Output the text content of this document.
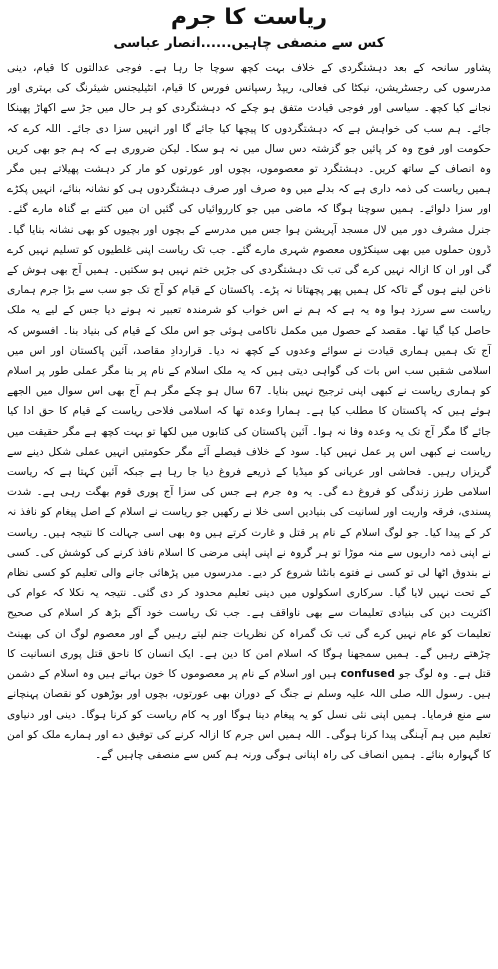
ریاست کا جرم
کس سے منصفی چاہیں......انصار عباسی

پشاور سانحہ کے بعد دہشتگردی کے خلاف بہت کچھ سوچا جا رہا ہے۔ فوجی عدالتوں کا قیام، دینی مدرسوں کی رجسٹریشن، نیکٹا کی فعالی، ریپڈ رسپانس فورس کا قیام، انٹیلیجنس شیئرنگ کی بہتری اور نجانے کیا کچھ۔ سیاسی اور فوجی قیادت متفق ہو چکے کہ دہشتگردی کو ہر حال میں جڑ سے اکھاڑ پھینکا جائے۔ ہم سب کی خواہش ہے کہ دہشتگردوں کا پیچھا کیا جائے گا اور انہیں سزا دی جائے۔ اللہ کرے کہ حکومت اور فوج وہ کر پائیں جو گزشتہ دس سال میں نہ ہو سکا۔ لیکن ضروری ہے کہ ہم جو بھی کریں وہ انصاف کے ساتھ کریں۔ دہشتگرد تو معصوموں، بچوں اور عورتوں کو مار کر دہشت پھیلاتے ہیں مگر ہمیں ریاست کی ذمہ داری ہے کہ بدلے میں وہ صرف اور صرف دہشتگردوں ہی کو نشانہ بنائے، انہیں پکڑے اور سزا دلوائے۔ ہمیں سوچنا ہوگا کہ ماضی میں جو کارروائیاں کی گئیں ان میں کتنے بے گناہ مارے گئے۔ جنرل مشرف دور میں لال مسجد آپریشن ہوا جس میں مدرسے کے بچوں اور بچیوں کو بھی نشانہ بنایا گیا۔ ڈرون حملوں میں بھی سینکڑوں معصوم شہری مارے گئے۔ جب تک ریاست اپنی غلطیوں کو تسلیم نہیں کرے گی اور ان کا ازالہ نہیں کرے گی تب تک دہشتگردی کی جڑیں ختم نہیں ہو سکتیں۔ ہمیں آج بھی ہوش کے ناخن لینے ہوں گے تاکہ کل ہمیں پھر پچھتانا نہ پڑے۔ پاکستان کے قیام کو آج تک جو سب سے بڑا جرم ہماری ریاست سے سرزد ہوا وہ یہ ہے کہ ہم نے اس خواب کو شرمندہ تعبیر نہ ہونے دیا جس کے لیے یہ ملک حاصل کیا گیا تھا۔ مقصد کے حصول میں مکمل ناکامی ہوئی جو اس ملک کے قیام کی بنیاد بنا۔ افسوس کہ آج تک ہمیں ہماری قیادت نے سوائے وعدوں کے کچھ نہ دیا۔ قراردادِ مقاصد، آئین پاکستان اور اس میں اسلامی شقیں سب اس بات کی گواہی دیتی ہیں کہ یہ ملک اسلام کے نام پر بنا مگر عملی طور پر اسلام کو ہماری ریاست نے کبھی اپنی ترجیح نہیں بنایا۔ 67 سال ہو چکے مگر ہم آج بھی اس سوال میں الجھے ہوئے ہیں کہ پاکستان کا مطلب کیا ہے۔ ہمارا وعدہ تھا کہ اسلامی فلاحی ریاست کے قیام کا حق ادا کیا جائے گا مگر آج تک یہ وعدہ وفا نہ ہوا۔ آئین پاکستان کی کتابوں میں لکھا تو بہت کچھ ہے مگر حقیقت میں ریاست نے کبھی اس پر عمل نہیں کیا۔ سود کے خلاف فیصلے آئے مگر حکومتیں انہیں عملی شکل دینے سے گریزاں رہیں۔ فحاشی اور عریانی کو میڈیا کے ذریعے فروغ دیا جا رہا ہے جبکہ آئین کہتا ہے کہ ریاست اسلامی طرز زندگی کو فروغ دے گی۔ یہ وہ جرم ہے جس کی سزا آج پوری قوم بھگت رہی ہے۔ شدت پسندی، فرقہ واریت اور لسانیت کی بنیادیں اسی خلا نے رکھیں جو ریاست نے اسلام کے اصل پیغام کو نافذ نہ کر کے پیدا کیا۔ جو لوگ اسلام کے نام پر قتل و غارت کرتے ہیں وہ بھی اسی جہالت کا نتیجہ ہیں۔ ریاست نے اپنی ذمہ داریوں سے منہ موڑا تو ہر گروہ نے اپنی اپنی مرضی کا اسلام نافذ کرنے کی کوشش کی۔ کسی نے بندوق اٹھا لی تو کسی نے فتوے بانٹنا شروع کر دیے۔ مدرسوں میں پڑھائی جانے والی تعلیم کو کسی نظام کے تحت نہیں لایا گیا۔ سرکاری اسکولوں میں دینی تعلیم محدود کر دی گئی۔ نتیجہ یہ نکلا کہ عوام کی اکثریت دین کی بنیادی تعلیمات سے بھی ناواقف ہے۔ جب تک ریاست خود آگے بڑھ کر اسلام کی صحیح تعلیمات کو عام نہیں کرے گی تب تک گمراہ کن نظریات جنم لیتے رہیں گے اور معصوم لوگ ان کی بھینٹ چڑھتے رہیں گے۔ ہمیں سمجھنا ہوگا کہ اسلام امن کا دین ہے۔ ایک انسان کا ناحق قتل پوری انسانیت کا قتل ہے۔ وہ لوگ جو confused ہیں اور اسلام کے نام پر معصوموں کا خون بہاتے ہیں وہ اسلام کے دشمن ہیں۔ رسول اللہ صلی اللہ علیہ وسلم نے جنگ کے دوران بھی عورتوں، بچوں اور بوڑھوں کو نقصان پہنچانے سے منع فرمایا۔ ہمیں اپنی نئی نسل کو یہ پیغام دینا ہوگا اور یہ کام ریاست کو کرنا ہوگا۔ دینی اور دنیاوی تعلیم میں ہم آہنگی پیدا کرنا ہوگی۔ اللہ ہمیں اس جرم کا ازالہ کرنے کی توفیق دے اور ہمارے ملک کو امن کا گہوارہ بنائے۔ ہمیں انصاف کی راہ اپنانی ہوگی ورنہ ہم کس سے منصفی چاہیں گے۔
